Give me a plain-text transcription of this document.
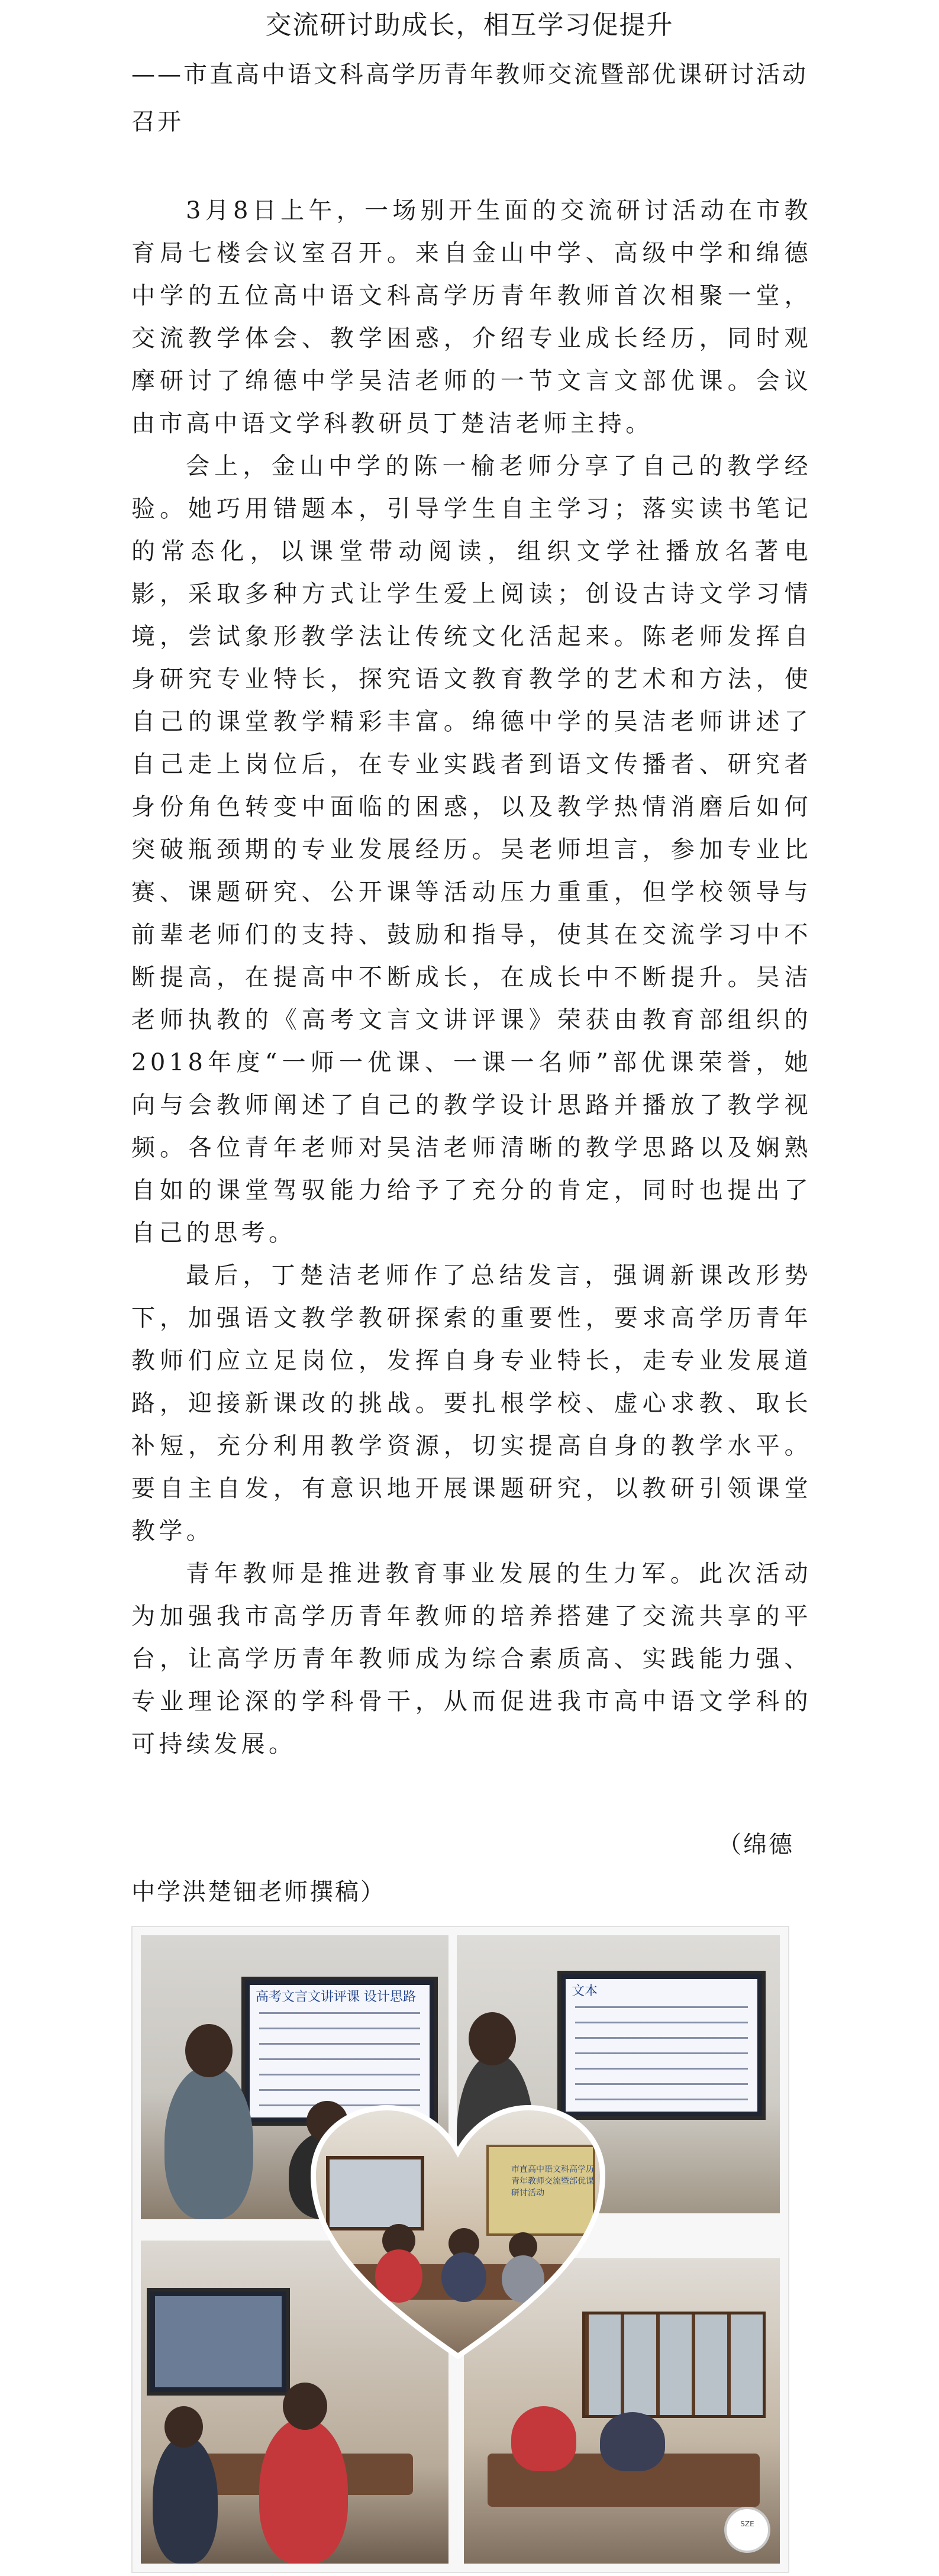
交流研讨助成长，相互学习促提升
——市直高中语文科高学历青年教师交流暨部优课研讨活动召开

3月8日上午，一场别开生面的交流研讨活动在市教育局七楼会议室召开。来自金山中学、高级中学和绵德中学的五位高中语文科高学历青年教师首次相聚一堂，交流教学体会、教学困惑，介绍专业成长经历，同时观摩研讨了绵德中学吴洁老师的一节文言文部优课。会议由市高中语文学科教研员丁楚洁老师主持。

会上，金山中学的陈一榆老师分享了自己的教学经验。她巧用错题本，引导学生自主学习；落实读书笔记的常态化，以课堂带动阅读，组织文学社播放名著电影，采取多种方式让学生爱上阅读；创设古诗文学习情境，尝试象形教学法让传统文化活起来。陈老师发挥自身研究专业特长，探究语文教育教学的艺术和方法，使自己的课堂教学精彩丰富。绵德中学的吴洁老师讲述了自己走上岗位后，在专业实践者到语文传播者、研究者身份角色转变中面临的困惑，以及教学热情消磨后如何突破瓶颈期的专业发展经历。吴老师坦言，参加专业比赛、课题研究、公开课等活动压力重重，但学校领导与前辈老师们的支持、鼓励和指导，使其在交流学习中不断提高，在提高中不断成长，在成长中不断提升。吴洁老师执教的《高考文言文讲评课》荣获由教育部组织的2018年度“一师一优课、一课一名师”部优课荣誉，她向与会教师阐述了自己的教学设计思路并播放了教学视频。各位青年老师对吴洁老师清晰的教学思路以及娴熟自如的课堂驾驭能力给予了充分的肯定，同时也提出了自己的思考。

最后，丁楚洁老师作了总结发言，强调新课改形势下，加强语文教学教研探索的重要性，要求高学历青年教师们应立足岗位，发挥自身专业特长，走专业发展道路，迎接新课改的挑战。要扎根学校、虚心求教、取长补短，充分利用教学资源，切实提高自身的教学水平。要自主自发，有意识地开展课题研究，以教研引领课堂教学。

青年教师是推进教育事业发展的生力军。此次活动为加强我市高学历青年教师的培养搭建了交流共享的平台，让高学历青年教师成为综合素质高、实践能力强、专业理论深的学科骨干，从而促进我市高中语文学科的可持续发展。

（绵德
中学洪楚钿老师撰稿）
高考文言文讲评课 设计思路	文本
SZE
市直高中语文科高学历青年教师交流暨部优课研讨活动
